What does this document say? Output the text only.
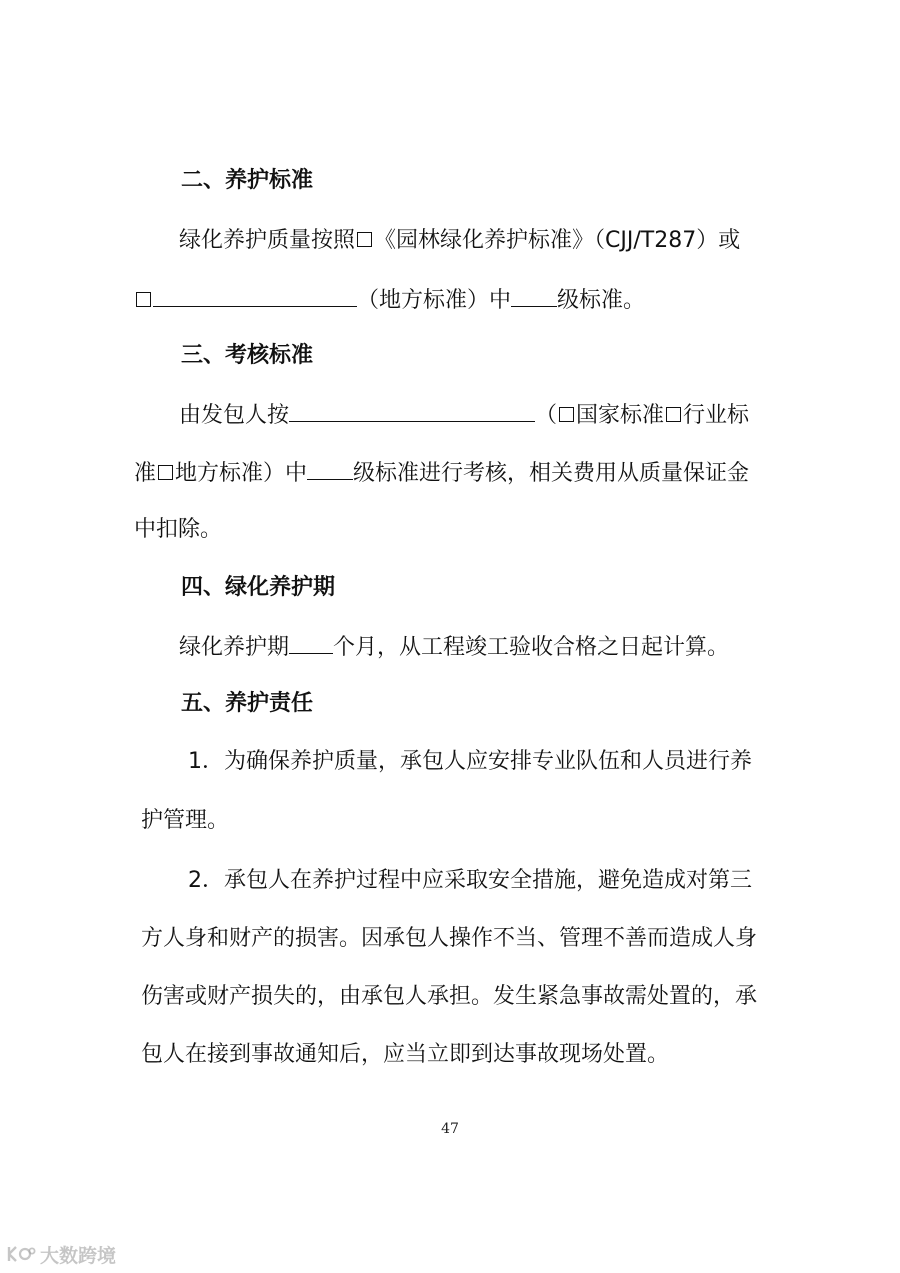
二、养护标准
绿化养护质量按照 《园林绿化养护标准》（CJJ/T287）或
（地方标准）中 级标准。
三、考核标准
由发包人按	（ 国家标准 行业标
准 地方标准）中 级标准进行考核，相关费用从质量保证金
中扣除。
四、绿化养护期
绿化养护期 个月，从工程竣工验收合格之日起计算。
五、养护责任
1．为确保养护质量，承包人应安排专业队伍和人员进行养
护管理。
2．承包人在养护过程中应采取安全措施，避免造成对第三
方人身和财产的损害。因承包人操作不当、管理不善而造成人身
伤害或财产损失的，由承包人承担。发生紧急事故需处置的，承
包人在接到事故通知后，应当立即到达事故现场处置。
47
大数跨境
